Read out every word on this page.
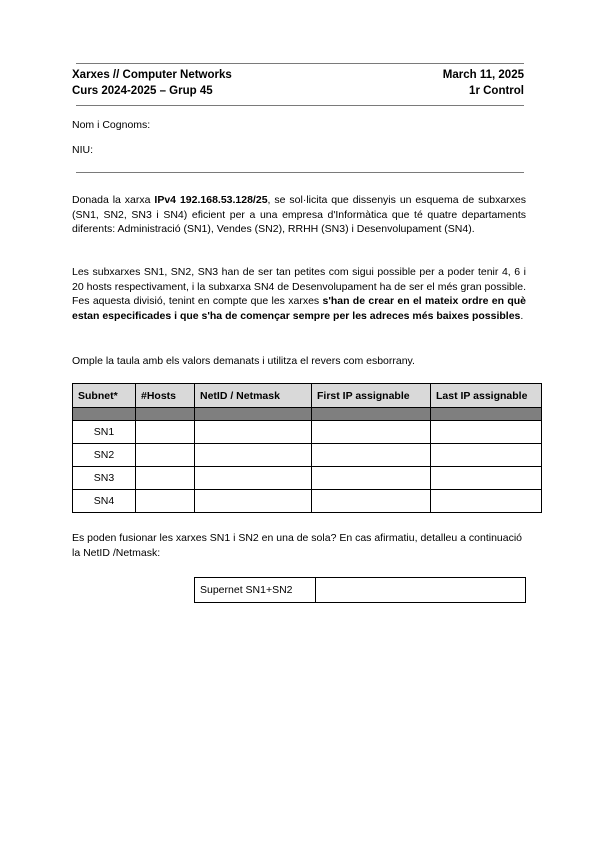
Xarxes // Computer Networks	March 11, 2025
Curs 2024-2025 – Grup 45	1r Control
Nom i Cognoms:
NIU:
Donada la xarxa IPv4 192.168.53.128/25, se sol·licita que dissenyis un esquema de subxarxes (SN1, SN2, SN3 i SN4) eficient per a una empresa d'Informàtica que té quatre departaments diferents: Administració (SN1), Vendes (SN2), RRHH (SN3) i Desenvolupament (SN4).
Les subxarxes SN1, SN2, SN3 han de ser tan petites com sigui possible per a poder tenir 4, 6 i 20 hosts respectivament, i la subxarxa SN4 de Desenvolupament ha de ser el més gran possible. Fes aquesta divisió, tenint en compte que les xarxes s'han de crear en el mateix ordre en què estan especificades i que s'ha de començar sempre per les adreces més baixes possibles.
Omple la taula amb els valors demanats i utilitza el revers com esborrany.
Subnet*	#Hosts	NetID / Netmask	First IP assignable	Last IP assignable

SN1				
SN2				
SN3				
SN4				
Es poden fusionar les xarxes SN1 i SN2 en una de sola? En cas afirmatiu, detalleu a continuació la NetID /Netmask:
Supernet SN1+SN2	
